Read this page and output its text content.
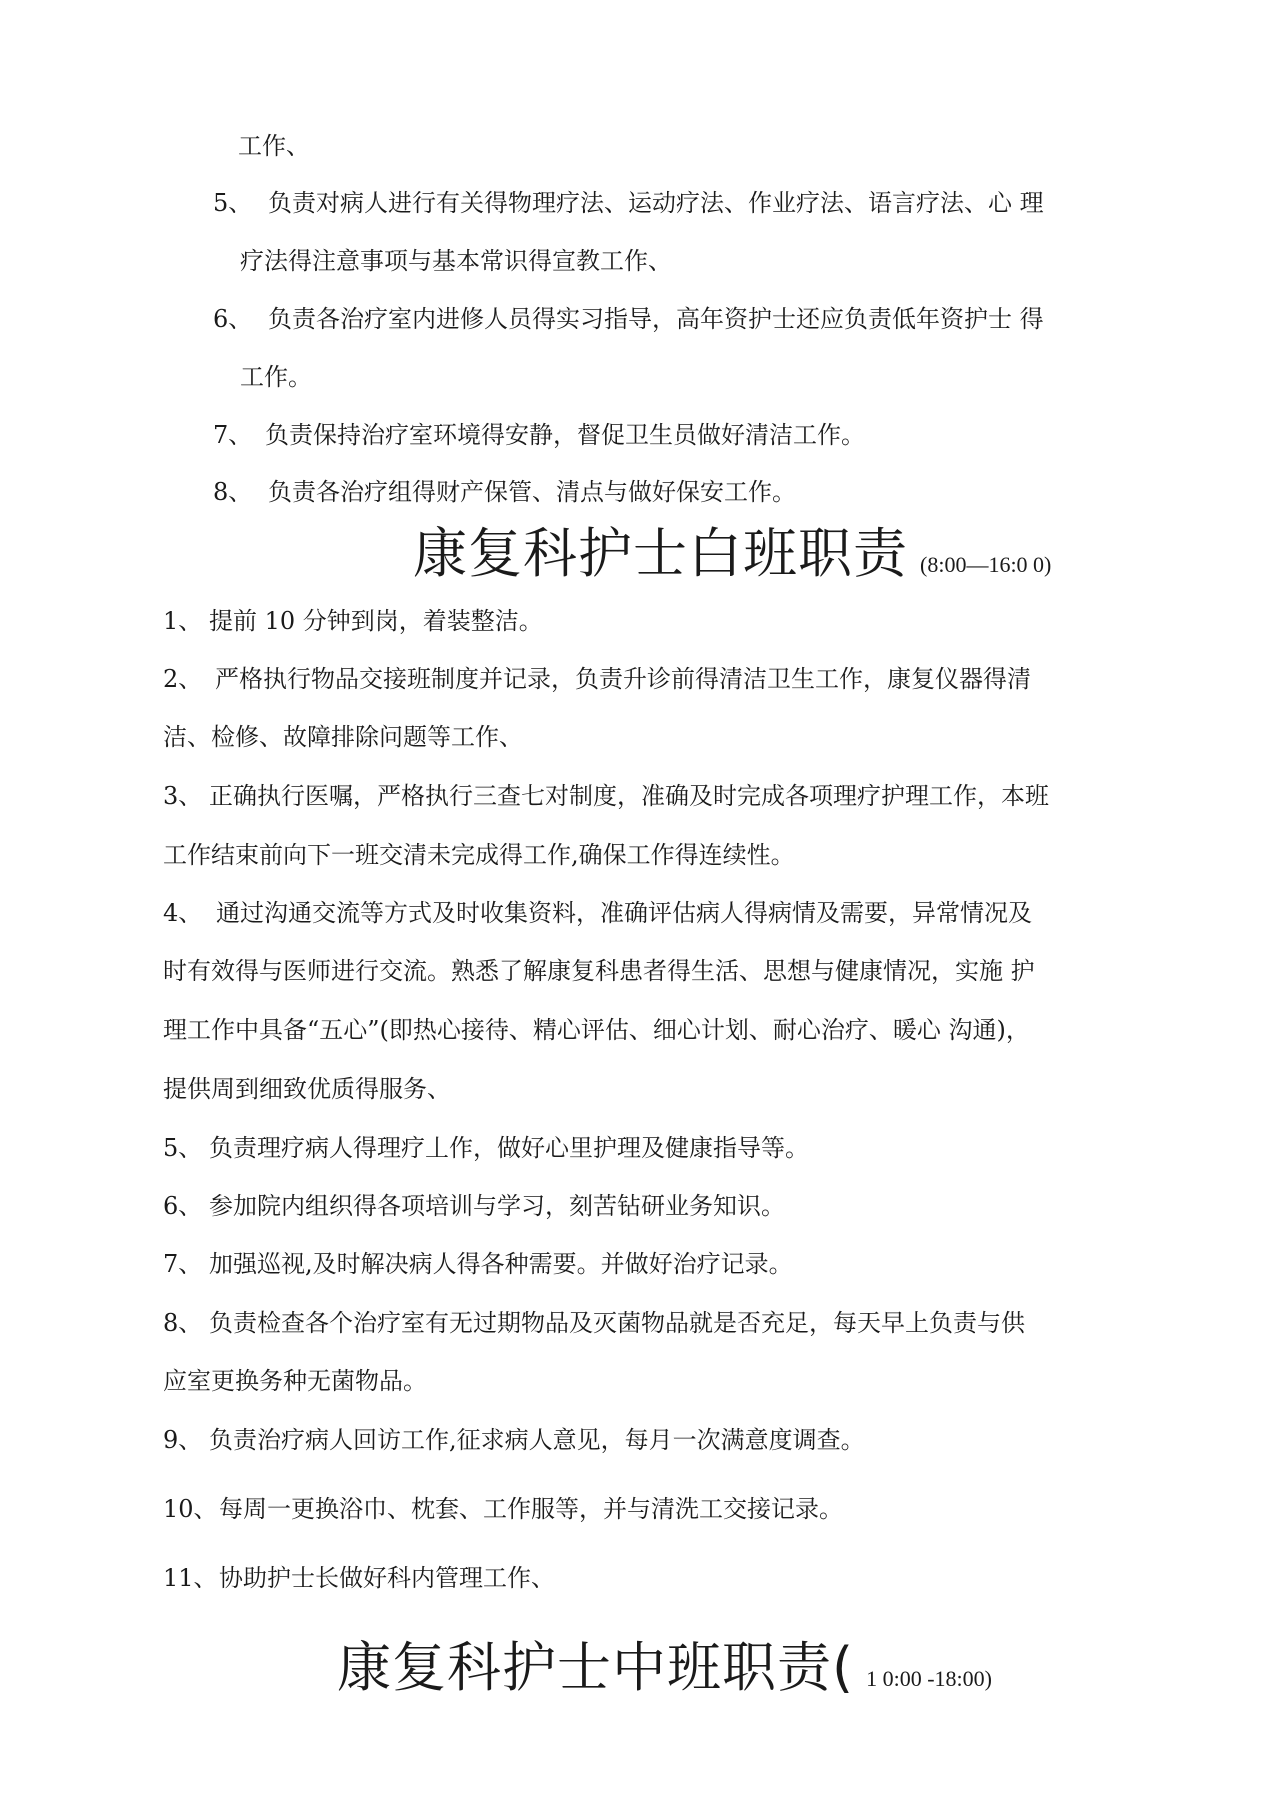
工作、
5、 负责对病人进行有关得物理疗法、运动疗法、作业疗法、语言疗法、心 理
疗法得注意事项与基本常识得宣教工作、
6、 负责各治疗室内进修人员得实习指导，高年资护士还应负责低年资护士 得
工作。
7、 负责保持治疗室环境得安静，督促卫生员做好清洁工作。
8、 负责各治疗组得财产保管、清点与做好保安工作。
康复科护士白班职责 (8:00—16:0 0)
1、 提前 10 分钟到岗，着装整洁。
2、 严格执行物品交接班制度并记录，负责升诊前得清洁卫生工作，康复仪器得清
洁、检修、故障排除问题等工作、
3、 正确执行医嘱，严格执行三查七对制度，准确及时完成各项理疗护理工作，本班
工作结束前向下一班交清未完成得工作,确保工作得连续性。
4、 通过沟通交流等方式及时收集资料，准确评估病人得病情及需要，异常情况及
时有效得与医师进行交流。熟悉了解康复科患者得生活、思想与健康情况，实施 护
理工作中具备“五心”(即热心接待、精心评估、细心计划、耐心治疗、暖心 沟通)，
提供周到细致优质得服务、
5、 负责理疗病人得理疗丄作，做好心里护理及健康指导等。
6、 参加院内组织得各项培训与学习，刻苦钻研业务知识。
7、 加强巡视,及时解决病人得各种需要。并做好治疗记录。
8、 负责检查各个治疗室有无过期物品及灭菌物品就是否充足，每天早上负责与供
应室更换务种无菌物品。
9、 负责治疗病人回访工作,征求病人意见，每月一次满意度调查。
10、每周一更换浴巾、枕套、工作服等，并与清洗工交接记录。
11、协助护士长做好科内管理工作、
康复科护士中班职责( 1 0:00 -18:00)
